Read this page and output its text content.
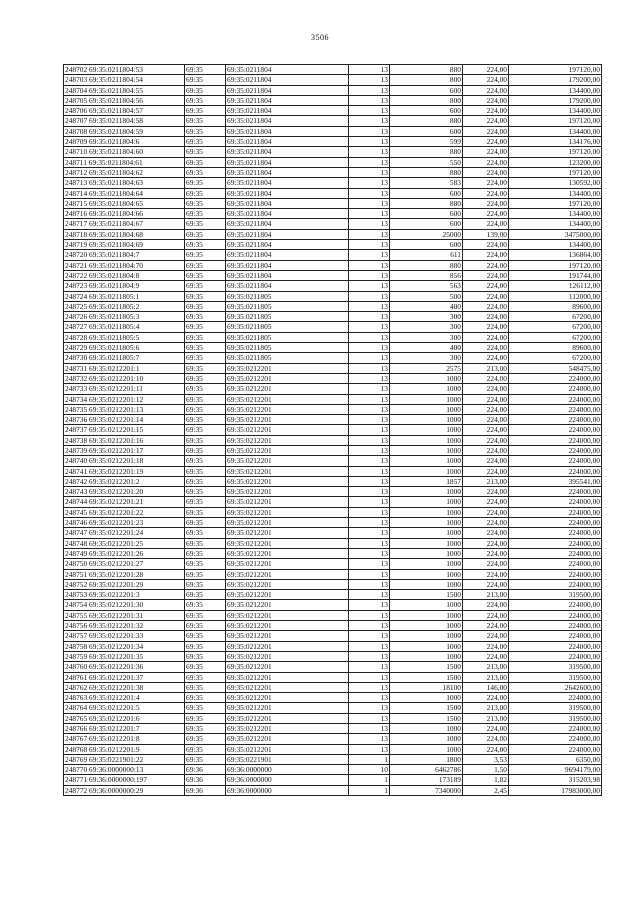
3506
248702 69:35:0211804:53	69:35	69:35:0211804	13	880	224,00	197120,00
248703 69:35:0211804:54	69:35	69:35:0211804	13	800	224,00	179200,00
248704 69:35:0211804:55	69:35	69:35:0211804	13	600	224,00	134400,00
248705 69:35:0211804:56	69:35	69:35:0211804	13	800	224,00	179200,00
248706 69:35:0211804:57	69:35	69:35:0211804	13	600	224,00	134400,00
248707 69:35:0211804:58	69:35	69:35:0211804	13	880	224,00	197120,00
248708 69:35:0211804:59	69:35	69:35:0211804	13	600	224,00	134400,00
248709 69:35:0211804:6	69:35	69:35:0211804	13	599	224,00	134176,00
248710 69:35:0211804:60	69:35	69:35:0211804	13	880	224,00	197120,00
248711 69:35:0211804:61	69:35	69:35:0211804	13	550	224,00	123200,00
248712 69:35:0211804:62	69:35	69:35:0211804	13	880	224,00	197120,00
248713 69:35:0211804:63	69:35	69:35:0211804	13	583	224,00	130592,00
248714 69:35:0211804:64	69:35	69:35:0211804	13	600	224,00	134400,00
248715 69:35:0211804:65	69:35	69:35:0211804	13	880	224,00	197120,00
248716 69:35:0211804:66	69:35	69:35:0211804	13	600	224,00	134400,00
248717 69:35:0211804:67	69:35	69:35:0211804	13	600	224,00	134400,00
248718 69:35:0211804:68	69:35	69:35:0211804	13	25000	139,00	3475000,00
248719 69:35:0211804:69	69:35	69:35:0211804	13	600	224,00	134400,00
248720 69:35:0211804:7	69:35	69:35:0211804	13	611	224,00	136864,00
248721 69:35:0211804:70	69:35	69:35:0211804	13	880	224,00	197120,00
248722 69:35:0211804:8	69:35	69:35:0211804	13	856	224,00	191744,00
248723 69:35:0211804:9	69:35	69:35:0211804	13	563	224,00	126112,00
248724 69:35:0211805:1	69:35	69:35:0211805	13	500	224,00	112000,00
248725 69:35:0211805:2	69:35	69:35:0211805	13	400	224,00	89600,00
248726 69:35:0211805:3	69:35	69:35:0211805	13	300	224,00	67200,00
248727 69:35:0211805:4	69:35	69:35:0211805	13	300	224,00	67200,00
248728 69:35:0211805:5	69:35	69:35:0211805	13	300	224,00	67200,00
248729 69:35:0211805:6	69:35	69:35:0211805	13	400	224,00	89600,00
248730 69:35:0211805:7	69:35	69:35:0211805	13	300	224,00	67200,00
248731 69:35:0212201:1	69:35	69:35:0212201	13	2575	213,00	548475,00
248732 69:35:0212201:10	69:35	69:35:0212201	13	1000	224,00	224000,00
248733 69:35:0212201:11	69:35	69:35:0212201	13	1000	224,00	224000,00
248734 69:35:0212201:12	69:35	69:35:0212201	13	1000	224,00	224000,00
248735 69:35:0212201:13	69:35	69:35:0212201	13	1000	224,00	224000,00
248736 69:35:0212201:14	69:35	69:35:0212201	13	1000	224,00	224000,00
248737 69:35:0212201:15	69:35	69:35:0212201	13	1000	224,00	224000,00
248738 69:35:0212201:16	69:35	69:35:0212201	13	1000	224,00	224000,00
248739 69:35:0212201:17	69:35	69:35:0212201	13	1000	224,00	224000,00
248740 69:35:0212201:18	69:35	69:35:0212201	13	1000	224,00	224000,00
248741 69:35:0212201:19	69:35	69:35:0212201	13	1000	224,00	224000,00
248742 69:35:0212201:2	69:35	69:35:0212201	13	1857	213,00	395541,00
248743 69:35:0212201:20	69:35	69:35:0212201	13	1000	224,00	224000,00
248744 69:35:0212201:21	69:35	69:35:0212201	13	1000	224,00	224000,00
248745 69:35:0212201:22	69:35	69:35:0212201	13	1000	224,00	224000,00
248746 69:35:0212201:23	69:35	69:35:0212201	13	1000	224,00	224000,00
248747 69:35:0212201:24	69:35	69:35:0212201	13	1000	224,00	224000,00
248748 69:35:0212201:25	69:35	69:35:0212201	13	1000	224,00	224000,00
248749 69:35:0212201:26	69:35	69:35:0212201	13	1000	224,00	224000,00
248750 69:35:0212201:27	69:35	69:35:0212201	13	1000	224,00	224000,00
248751 69:35:0212201:28	69:35	69:35:0212201	13	1000	224,00	224000,00
248752 69:35:0212201:29	69:35	69:35:0212201	13	1000	224,00	224000,00
248753 69:35:0212201:3	69:35	69:35:0212201	13	1500	213,00	319500,00
248754 69:35:0212201:30	69:35	69:35:0212201	13	1000	224,00	224000,00
248755 69:35:0212201:31	69:35	69:35:0212201	13	1000	224,00	224000,00
248756 69:35:0212201:32	69:35	69:35:0212201	13	1000	224,00	224000,00
248757 69:35:0212201:33	69:35	69:35:0212201	13	1000	224,00	224000,00
248758 69:35:0212201:34	69:35	69:35:0212201	13	1000	224,00	224000,00
248759 69:35:0212201:35	69:35	69:35:0212201	13	1000	224,00	224000,00
248760 69:35:0212201:36	69:35	69:35:0212201	13	1500	213,00	319500,00
248761 69:35:0212201:37	69:35	69:35:0212201	13	1500	213,00	319500,00
248762 69:35:0212201:38	69:35	69:35:0212201	13	18100	146,00	2642600,00
248763 69:35:0212201:4	69:35	69:35:0212201	13	1000	224,00	224000,00
248764 69:35:0212201:5	69:35	69:35:0212201	13	1500	213,00	319500,00
248765 69:35:0212201:6	69:35	69:35:0212201	13	1500	213,00	319500,00
248766 69:35:0212201:7	69:35	69:35:0212201	13	1000	224,00	224000,00
248767 69:35:0212201:8	69:35	69:35:0212201	13	1000	224,00	224000,00
248768 69:35:0212201:9	69:35	69:35:0212201	13	1000	224,00	224000,00
248769 69:35:0221901:22	69:35	69:35:0221901	1	1800	3,53	6350,00
248770 69:36:0000000:13	69:36	69:36:0000000	10	6462786	1,50	9694179,00
248771 69:36:0000000:197	69:36	69:36:0000000	1	173189	1,82	315203,98
248772 69:36:0000000:29	69:36	69:36:0000000	1	7340000	2,45	17983000,00
